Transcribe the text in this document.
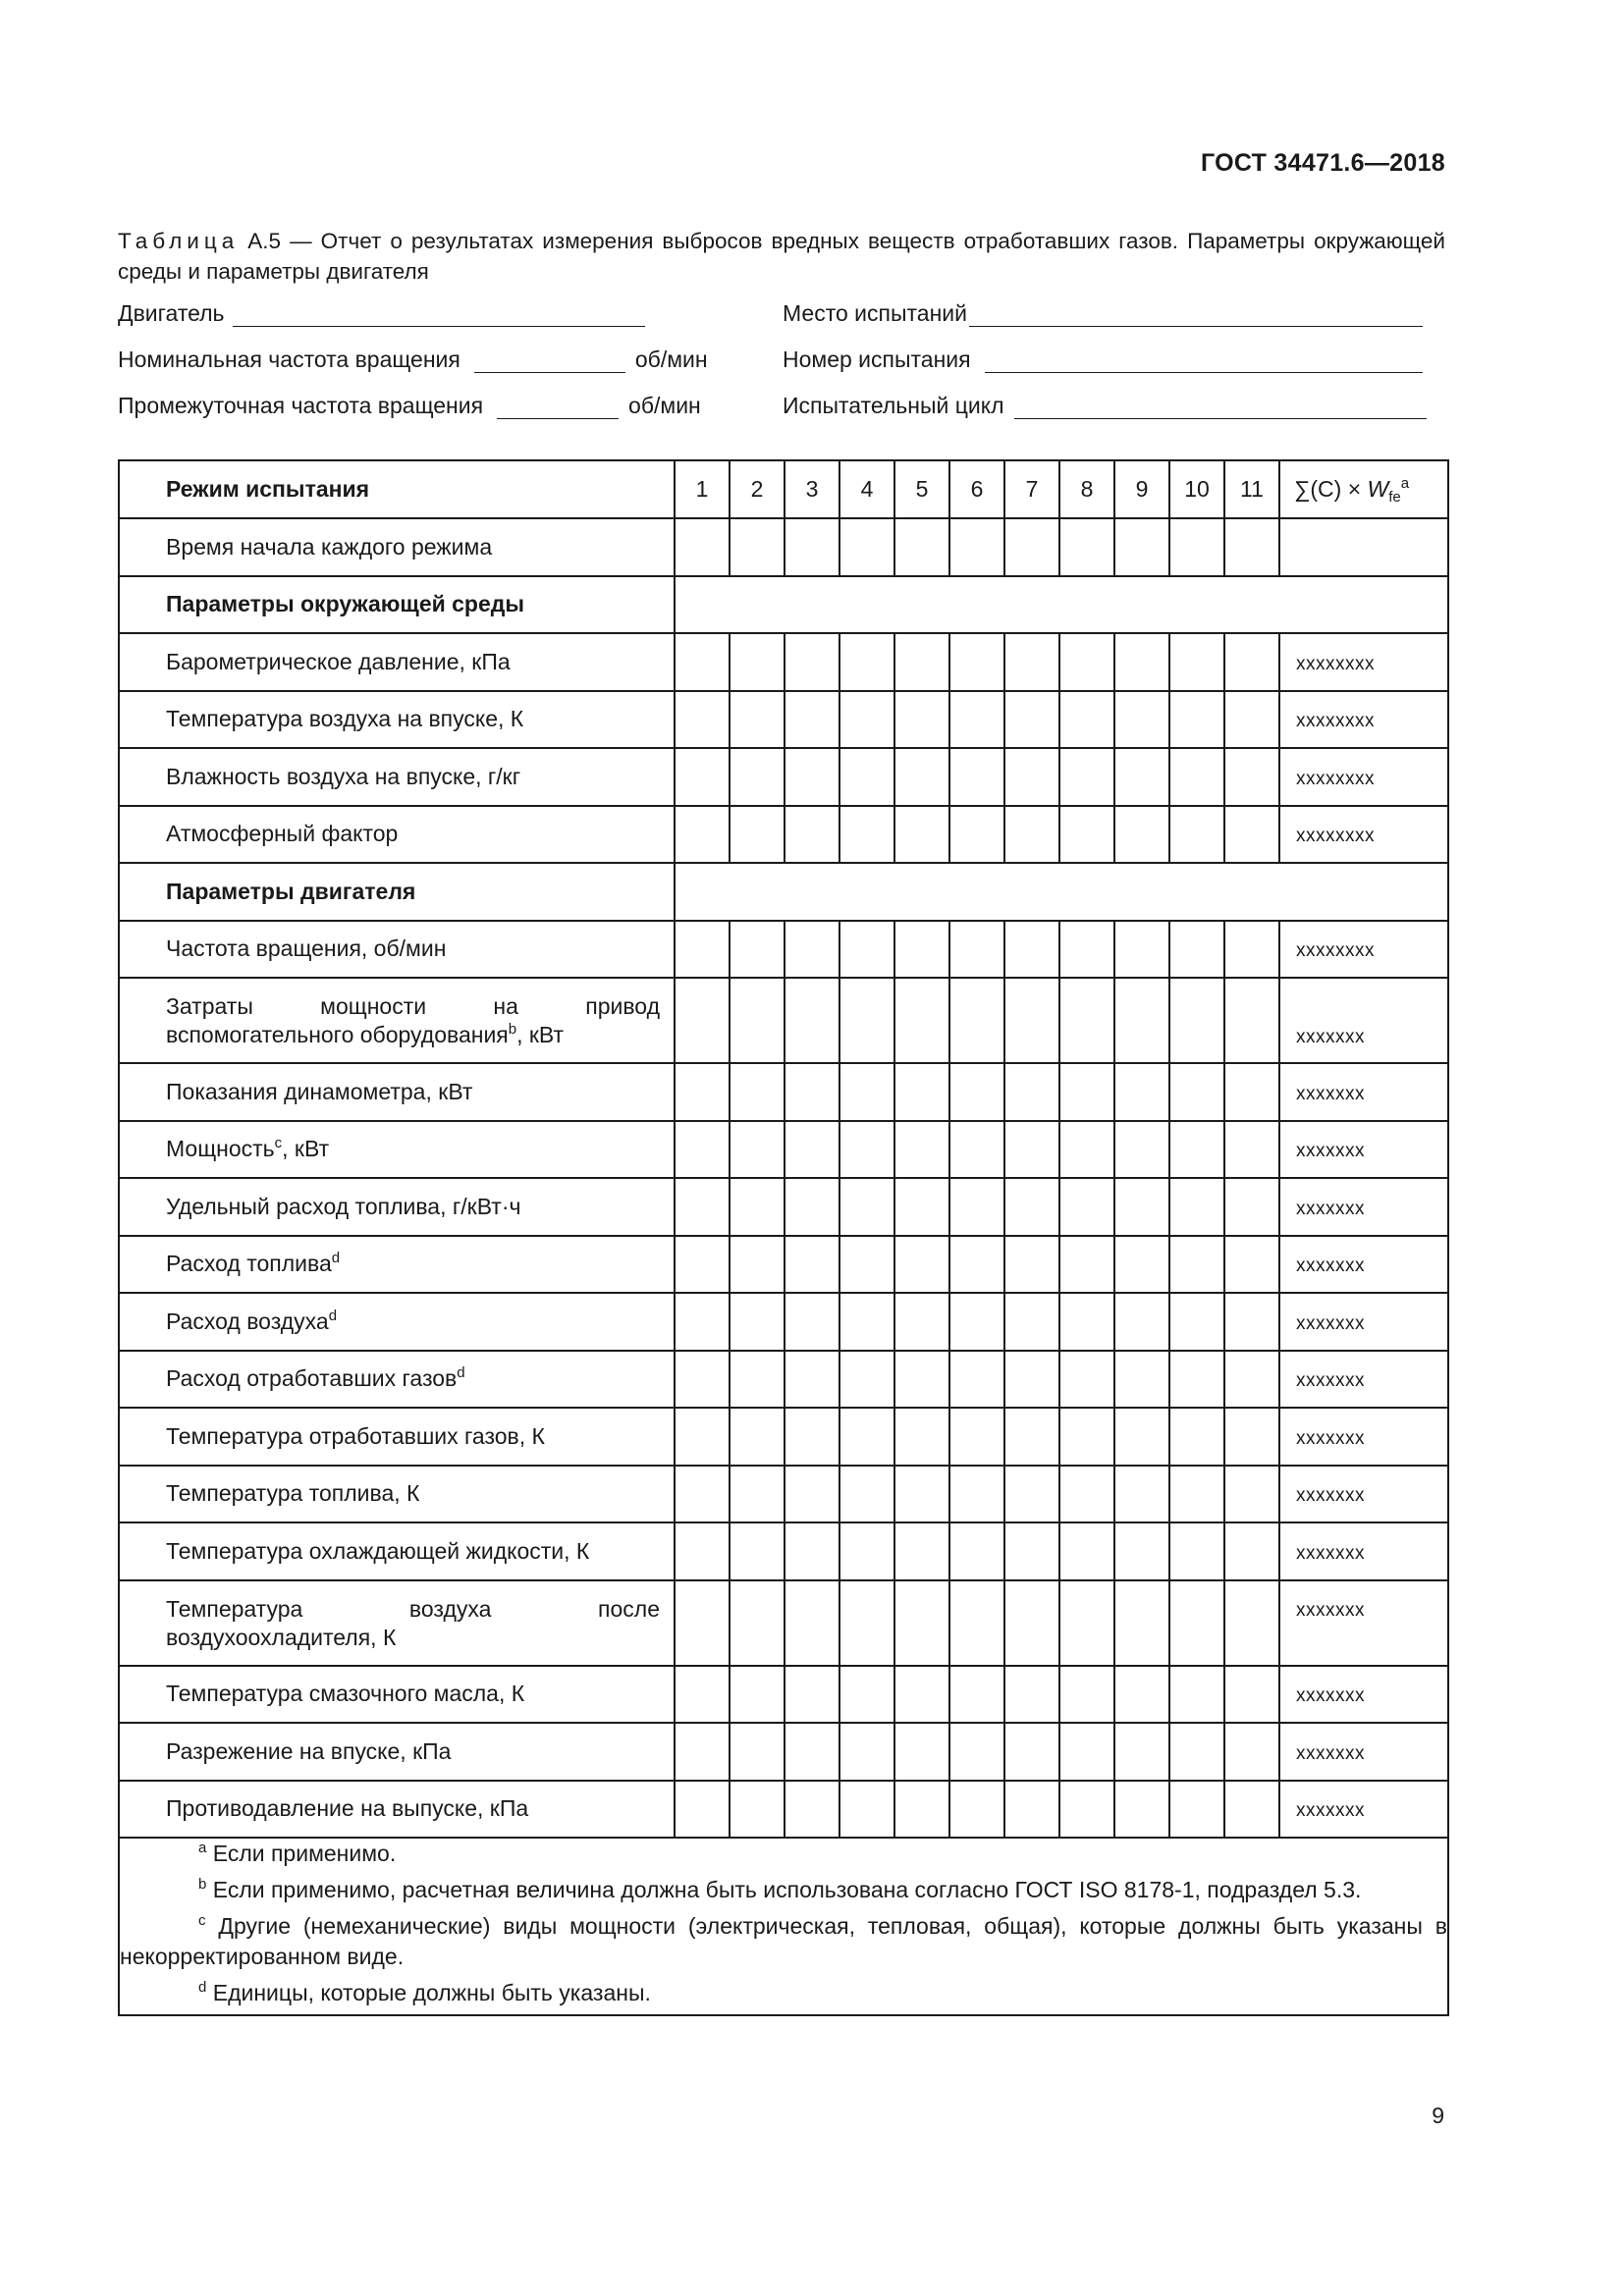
ГОСТ 34471.6—2018
Таблица А.5 — Отчет о результатах измерения выбросов вредных веществ отработавших газов. Параметры окружающей среды и параметры двигателя
Двигатель	Место испытаний
Номинальная частота вращения	об/мин	Номер испытания
Промежуточная частота вращения	об/мин	Испытательный цикл
Режим испытания	1	2	3	4	5	6	7	8	9	10	11	$\sum(C) \times W_{fe}^a$
Время начала каждого режима												
Параметры окружающей среды												
Барометрическое давление, кПа												xxxxxxxx
Температура воздуха на впуске, К												xxxxxxxx
Влажность воздуха на впуске, г/кг												xxxxxxxx
Атмосферный фактор												xxxxxxxx
Параметры двигателя												
Частота вращения, об/мин												xxxxxxxx
Затраты мощности на привод вспомогательного оборудования$^b$, кВт												xxxxxxx
Показания динамометра, кВт												xxxxxxx
Мощность$^c$, кВт												xxxxxxx
Удельный расход топлива, г/кВт·ч												xxxxxxx
Расход топлива$^d$												xxxxxxx
Расход воздуха$^d$												xxxxxxx
Расход отработавших газов$^d$												xxxxxxx
Температура отработавших газов, К												xxxxxxx
Температура топлива, К												xxxxxxx
Температура охлаждающей жидкости, К												xxxxxxx
Температура воздуха после воздухоохладителя, К												xxxxxxx
Температура смазочного масла, К												xxxxxxx
Разрежение на впуске, кПа												xxxxxxx
Противодавление на выпуске, кПа												xxxxxxx

$^a$ Если применимо.
$^b$ Если применимо, расчетная величина должна быть использована согласно ГОСТ ISO 8178-1, подраздел 5.3.
$^c$ Другие (немеханические) виды мощности (электрическая, тепловая, общая), которые должны быть указаны в некорректированном виде.
$^d$ Единицы, которые должны быть указаны.												
9
